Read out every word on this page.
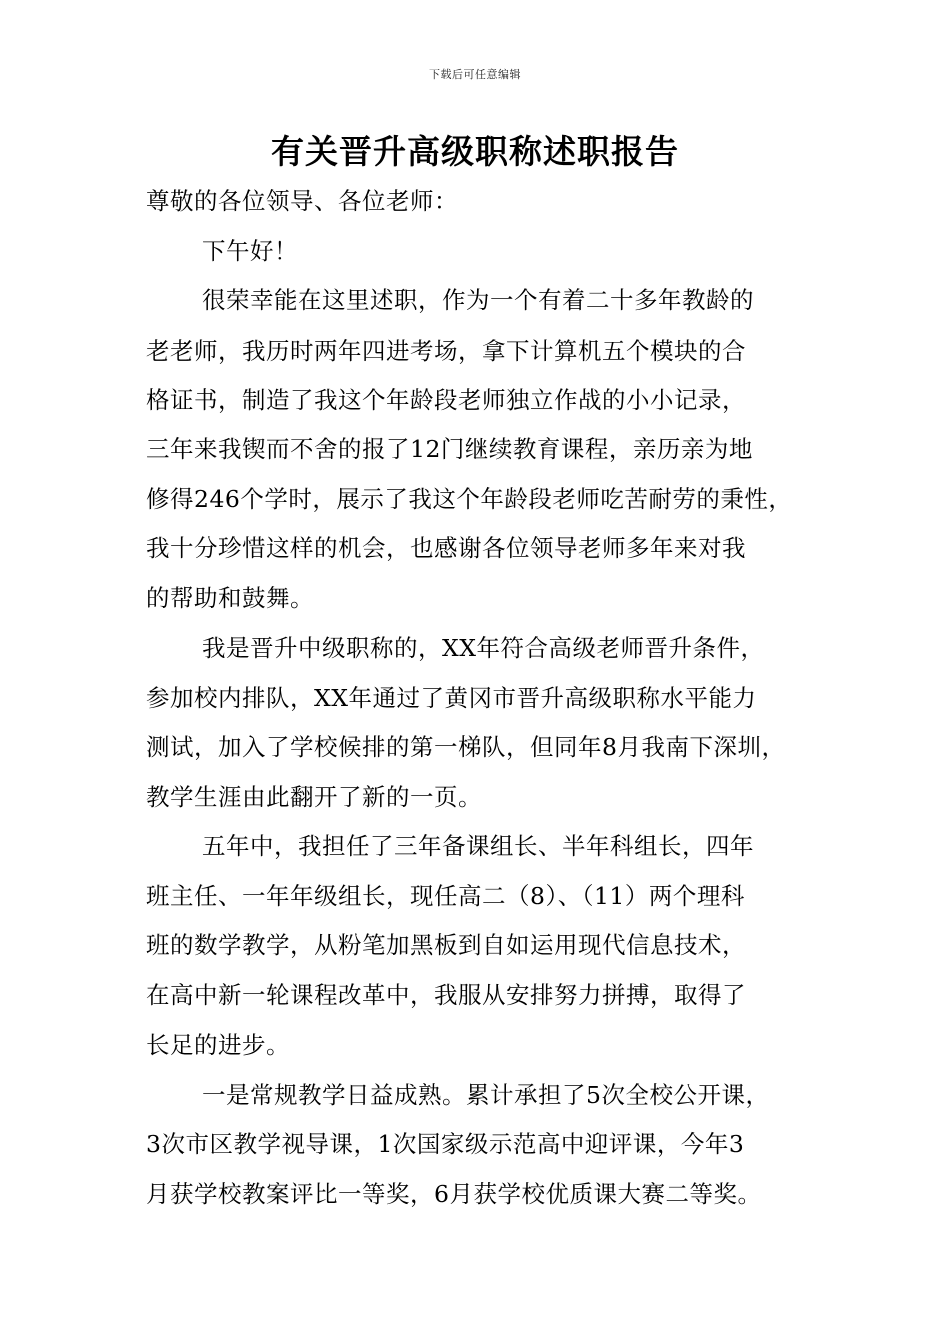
下载后可任意编辑
有关晋升高级职称述职报告
尊敬的各位领导、各位老师：
下午好！
很荣幸能在这里述职，作为一个有着二十多年教龄的
老老师，我历时两年四进考场，拿下计算机五个模块的合
格证书，制造了我这个年龄段老师独立作战的小小记录，
三年来我锲而不舍的报了12门继续教育课程，亲历亲为地
修得246个学时，展示了我这个年龄段老师吃苦耐劳的秉性，
我十分珍惜这样的机会，也感谢各位领导老师多年来对我
的帮助和鼓舞。
我是晋升中级职称的，XX年符合高级老师晋升条件，
参加校内排队，XX年通过了黄冈市晋升高级职称水平能力
测试，加入了学校候排的第一梯队，但同年8月我南下深圳，
教学生涯由此翻开了新的一页。
五年中，我担任了三年备课组长、半年科组长，四年
班主任、一年年级组长，现任高二（8）、（11）两个理科
班的数学教学，从粉笔加黑板到自如运用现代信息技术，
在高中新一轮课程改革中，我服从安排努力拼搏，取得了
长足的进步。
一是常规教学日益成熟。累计承担了5次全校公开课，
3次市区教学视导课，1次国家级示范高中迎评课，今年3
月获学校教案评比一等奖，6月获学校优质课大赛二等奖。
